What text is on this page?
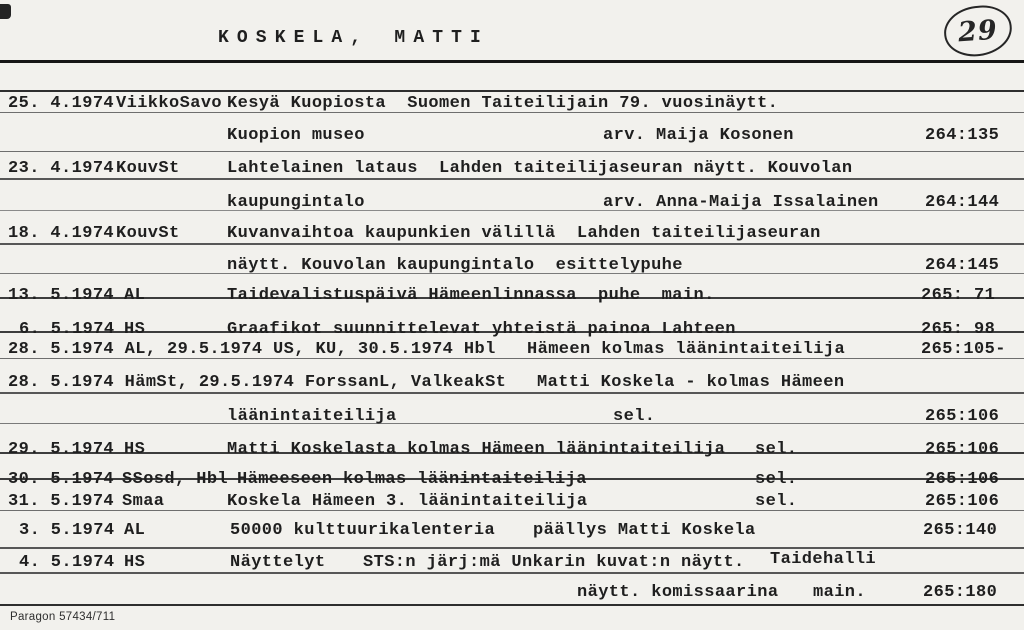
KOSKELA, MATTI	29
25. 4.1974 ViikkoSavo Kesyä Kuopiosta  Suomen Taiteilijain 79. vuosinäytt.
Kuopion museo	arv. Maija Kosonen	264:135
23. 4.1974 KouvSt	Lahtelainen lataus  Lahden taiteilijaseuran näytt. Kouvolan
kaupungintalo	arv. Anna-Maija Issalainen	264:144
18. 4.1974 KouvSt	Kuvanvaihtoa kaupunkien välillä  Lahden taiteilijaseuran
näytt. Kouvolan kaupungintalo  esittelypuhe	264:145
13. 5.1974 AL	Taidevalistuspäivä Hämeenlinnassa  puhe  main.	265: 71
6. 5.1974 HS	Graafikot suunnittelevat yhteistä painoa Lahteen	265: 98
28. 5.1974 AL, 29.5.1974 US, KU, 30.5.1974 Hbl Hämeen kolmas läänintaiteilija	265:105-
28. 5.1974 HämSt, 29.5.1974 ForssanL, ValkeakSt Matti Koskela - kolmas Hämeen
läänintaiteilija	sel.	265:106
29. 5.1974 HS	Matti Koskelasta kolmas Hämeen läänintaiteilija sel.	265:106
30. 5.1974 SSosd, Hbl Hämeeseen kolmas läänintaiteilija	sel.	265:106
31. 5.1974 Smaa	Koskela Hämeen 3. läänintaiteilija	sel.	265:106
3. 5.1974 AL	50000 kulttuurikalenteria päällys Matti Koskela	265:140
4. 5.1974 HS	Näyttelyt STS:n järj:mä Unkarin kuvat:n näytt. Taidehalli
näytt. komissaarina main.	265:180
Paragon 57434/711
